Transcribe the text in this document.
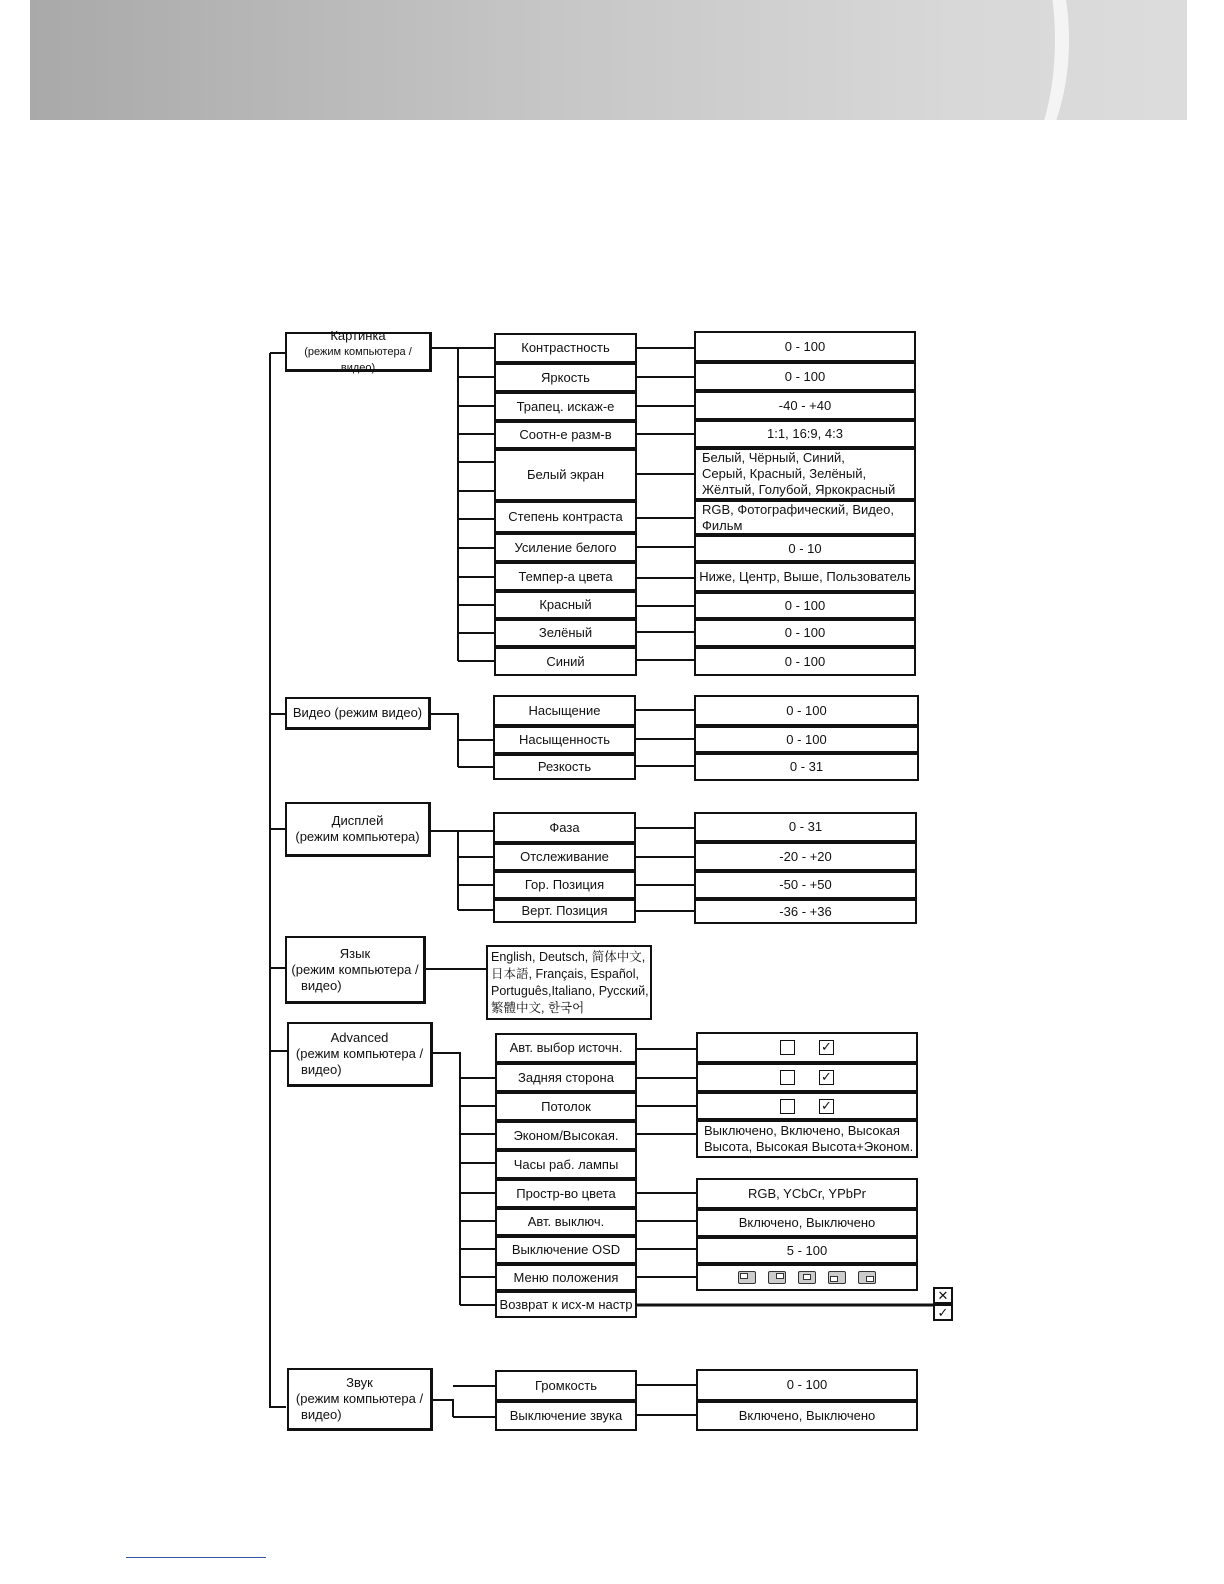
Картинка
(режим компьютера / видео)
Видео (режим видео)
Дисплей
(режим компьютера)
Язык
(режим компьютера /
видео)
Advanced
(режим компьютера /
видео)
Звук
(режим компьютера /
видео)
Контрастность
Яркость
Трапец. искаж-е
Соотн-е разм-в
Белый экран
Степень контраста
Усиление белого
Темпер-а цвета
Красный
Зелёный
Синий
0 - 100
0 - 100
-40 - +40
1:1, 16:9, 4:3
Белый, Чёрный, Синий,
Серый, Красный, Зелёный,
Жёлтый, Голубой, Яркокрасный
RGB, Фотографический, Видео,
Фильм
0 - 10
Ниже, Центр, Выше, Пользователь
0 - 100
0 - 100
0 - 100
Насыщение
Насыщенность
Резкость
0 - 100
0 - 100
0 - 31
Фаза
Отслеживание
Гор. Позиция
Верт. Позиция
0 - 31
-20 - +20
-50 - +50
-36 - +36
English, Deutsch, 简体中文,
日本語, Français, Español,
Português,Italiano, Русский,
繁體中文, 한국어
Авт. выбор источн.
Задняя сторона
Потолок
Эконом/Высокая.
Часы раб. лампы
Простр-во цвета
Авт. выключ.
Выключение OSD
Меню положения
Возврат к исх-м настр
✓
✓
✓
Выключено, Включено, Высокая
Высота, Высокая Высота+Эконом.
RGB, YCbCr, YPbPr
Включено, Выключено
5 - 100
✕
✓
Громкость
Выключение звука
0 - 100
Включено, Выключено
